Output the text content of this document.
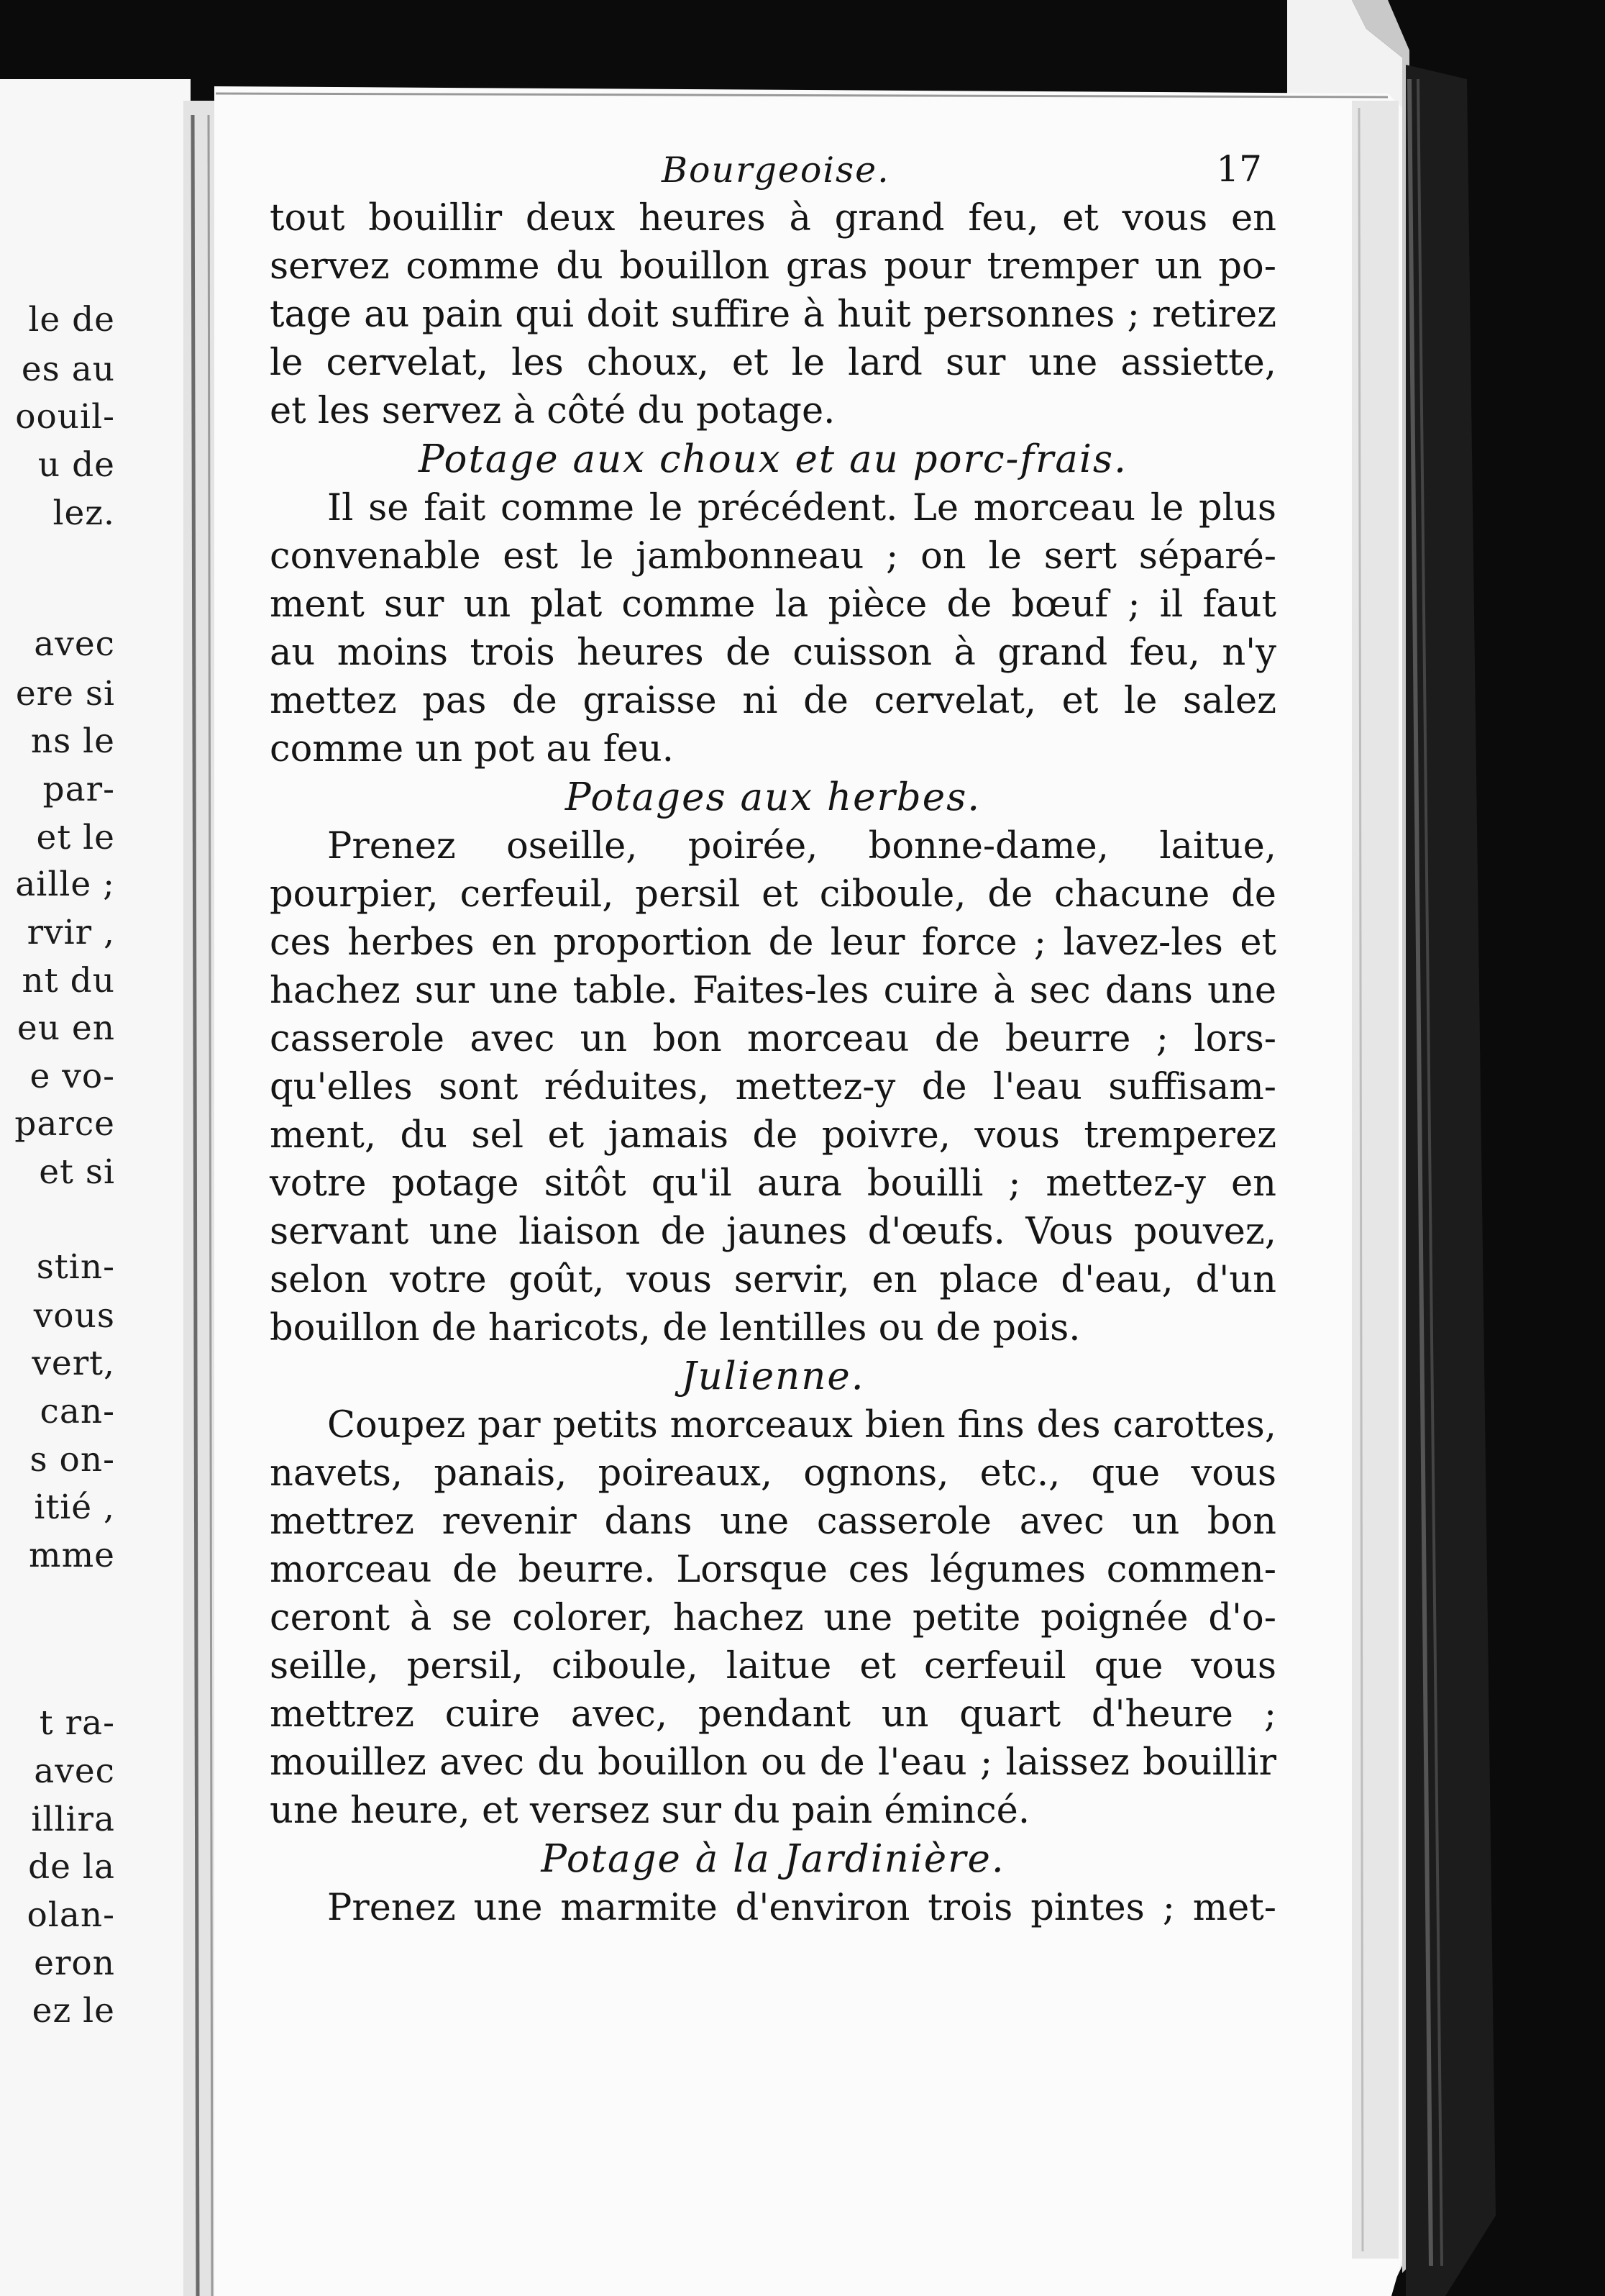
le de
es au
oouil-
u de
lez.
avec
ere si
ns le
par-
et le
aille ;
rvir ,
nt du
eu en
e vo-
parce
et si
stin-
vous
vert,
can-
s on-
itié ,
mme
t ra-
avec
illira
de la
olan-
eron
ez le
Bourgeoise.	17
tout bouillir deux heures à grand feu, et vous en
servez comme du bouillon gras pour tremper un po-
tage au pain qui doit suffire à huit personnes ; retirez
le cervelat, les choux, et le lard sur une assiette,
et les servez à côté du potage.
Potage aux choux et au porc-frais.
Il se fait comme le précédent. Le morceau le plus
convenable est le jambonneau ; on le sert séparé-
ment sur un plat comme la pièce de bœuf ; il faut
au moins trois heures de cuisson à grand feu, n'y
mettez pas de graisse ni de cervelat, et le salez
comme un pot au feu.
Potages aux herbes.
Prenez oseille, poirée, bonne-dame, laitue,
pourpier, cerfeuil, persil et ciboule, de chacune de
ces herbes en proportion de leur force ; lavez-les et
hachez sur une table. Faites-les cuire à sec dans une
casserole avec un bon morceau de beurre ; lors-
qu'elles sont réduites, mettez-y de l'eau suffisam-
ment, du sel et jamais de poivre, vous tremperez
votre potage sitôt qu'il aura bouilli ; mettez-y en
servant une liaison de jaunes d'œufs. Vous pouvez,
selon votre goût, vous servir, en place d'eau, d'un
bouillon de haricots, de lentilles ou de pois.
Julienne.
Coupez par petits morceaux bien fins des carottes,
navets, panais, poireaux, ognons, etc., que vous
mettrez revenir dans une casserole avec un bon
morceau de beurre. Lorsque ces légumes commen-
ceront à se colorer, hachez une petite poignée d'o-
seille, persil, ciboule, laitue et cerfeuil que vous
mettrez cuire avec, pendant un quart d'heure ;
mouillez avec du bouillon ou de l'eau ; laissez bouillir
une heure, et versez sur du pain émincé.
Potage à la Jardinière.
Prenez une marmite d'environ trois pintes ; met-
